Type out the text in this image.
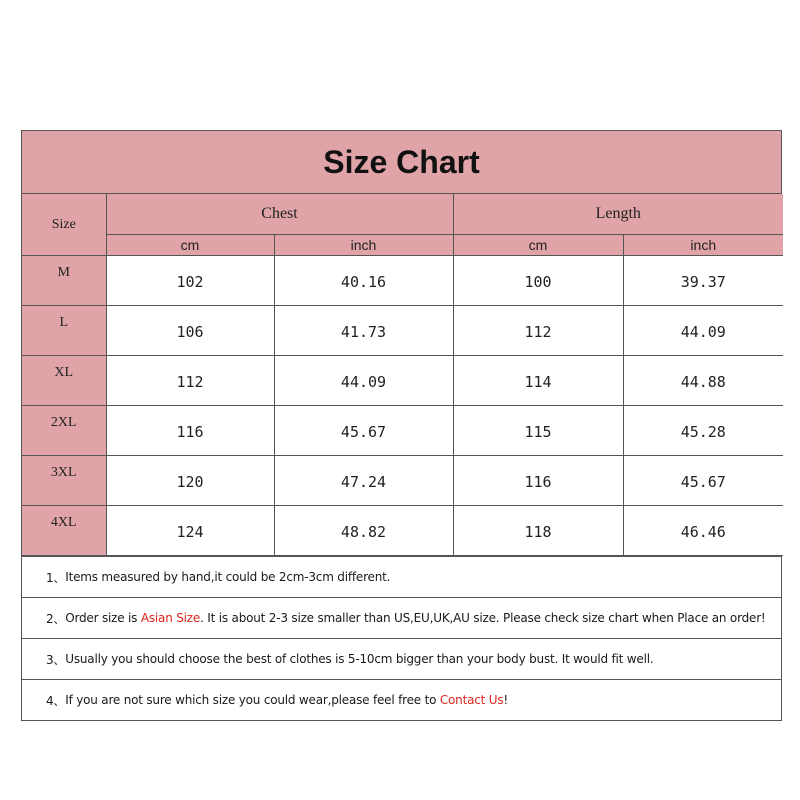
Size Chart
Size	Chest		Length	
	cm	inch	cm	inch
M	102	40.16	100	39.37
L	106	41.73	112	44.09
XL	112	44.09	114	44.88
2XL	116	45.67	115	45.28
3XL	120	47.24	116	45.67
4XL	124	48.82	118	46.46
1、 Items measured by hand,it could be 2cm-3cm different.
2、 Order size is Asian Size. It is about 2-3 size smaller than US,EU,UK,AU size. Please check size chart when Place an order!
3、 Usually you should choose the best of clothes is 5-10cm bigger than your body bust. It would fit well.
4、 If you are not sure which size you could wear,please feel free to Contact Us!
